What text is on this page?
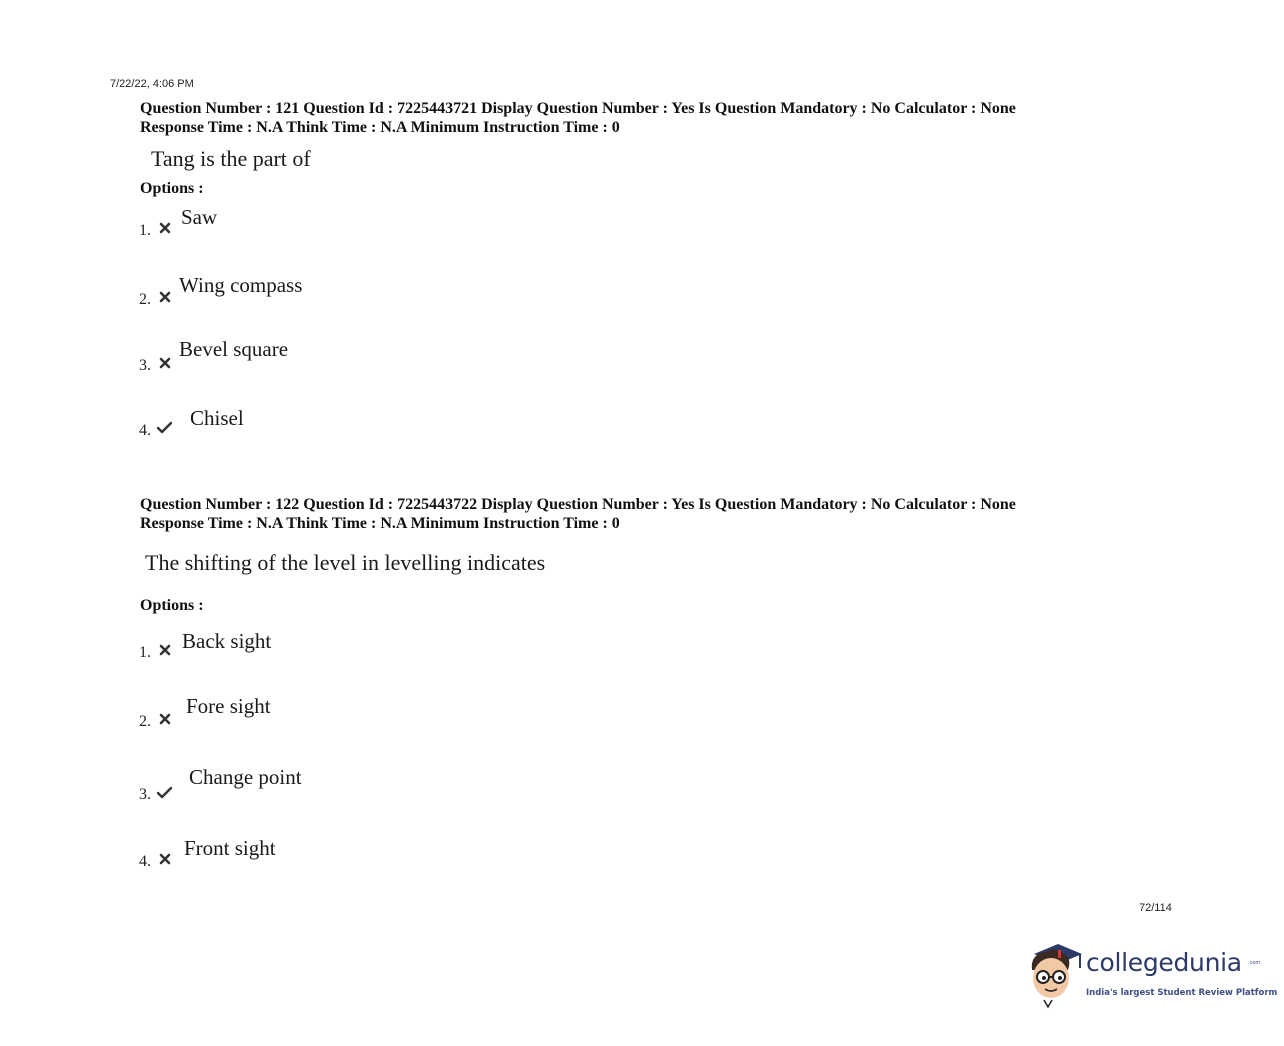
7/22/22, 4:06 PM
Question Number : 121 Question Id : 7225443721 Display Question Number : Yes Is Question Mandatory : No Calculator : None
Response Time : N.A Think Time : N.A Minimum Instruction Time : 0
Tang is the part of
Options :
1.
Saw
2.
Wing compass
3.
Bevel square
4.
Chisel
Question Number : 122 Question Id : 7225443722 Display Question Number : Yes Is Question Mandatory : No Calculator : None
Response Time : N.A Think Time : N.A Minimum Instruction Time : 0
The shifting of the level in levelling indicates
Options :
1. Back sight
2.
Fore sight
3.
Change point
4.
Front sight
72/114
collegedunia .com
India's largest Student Review Platform
